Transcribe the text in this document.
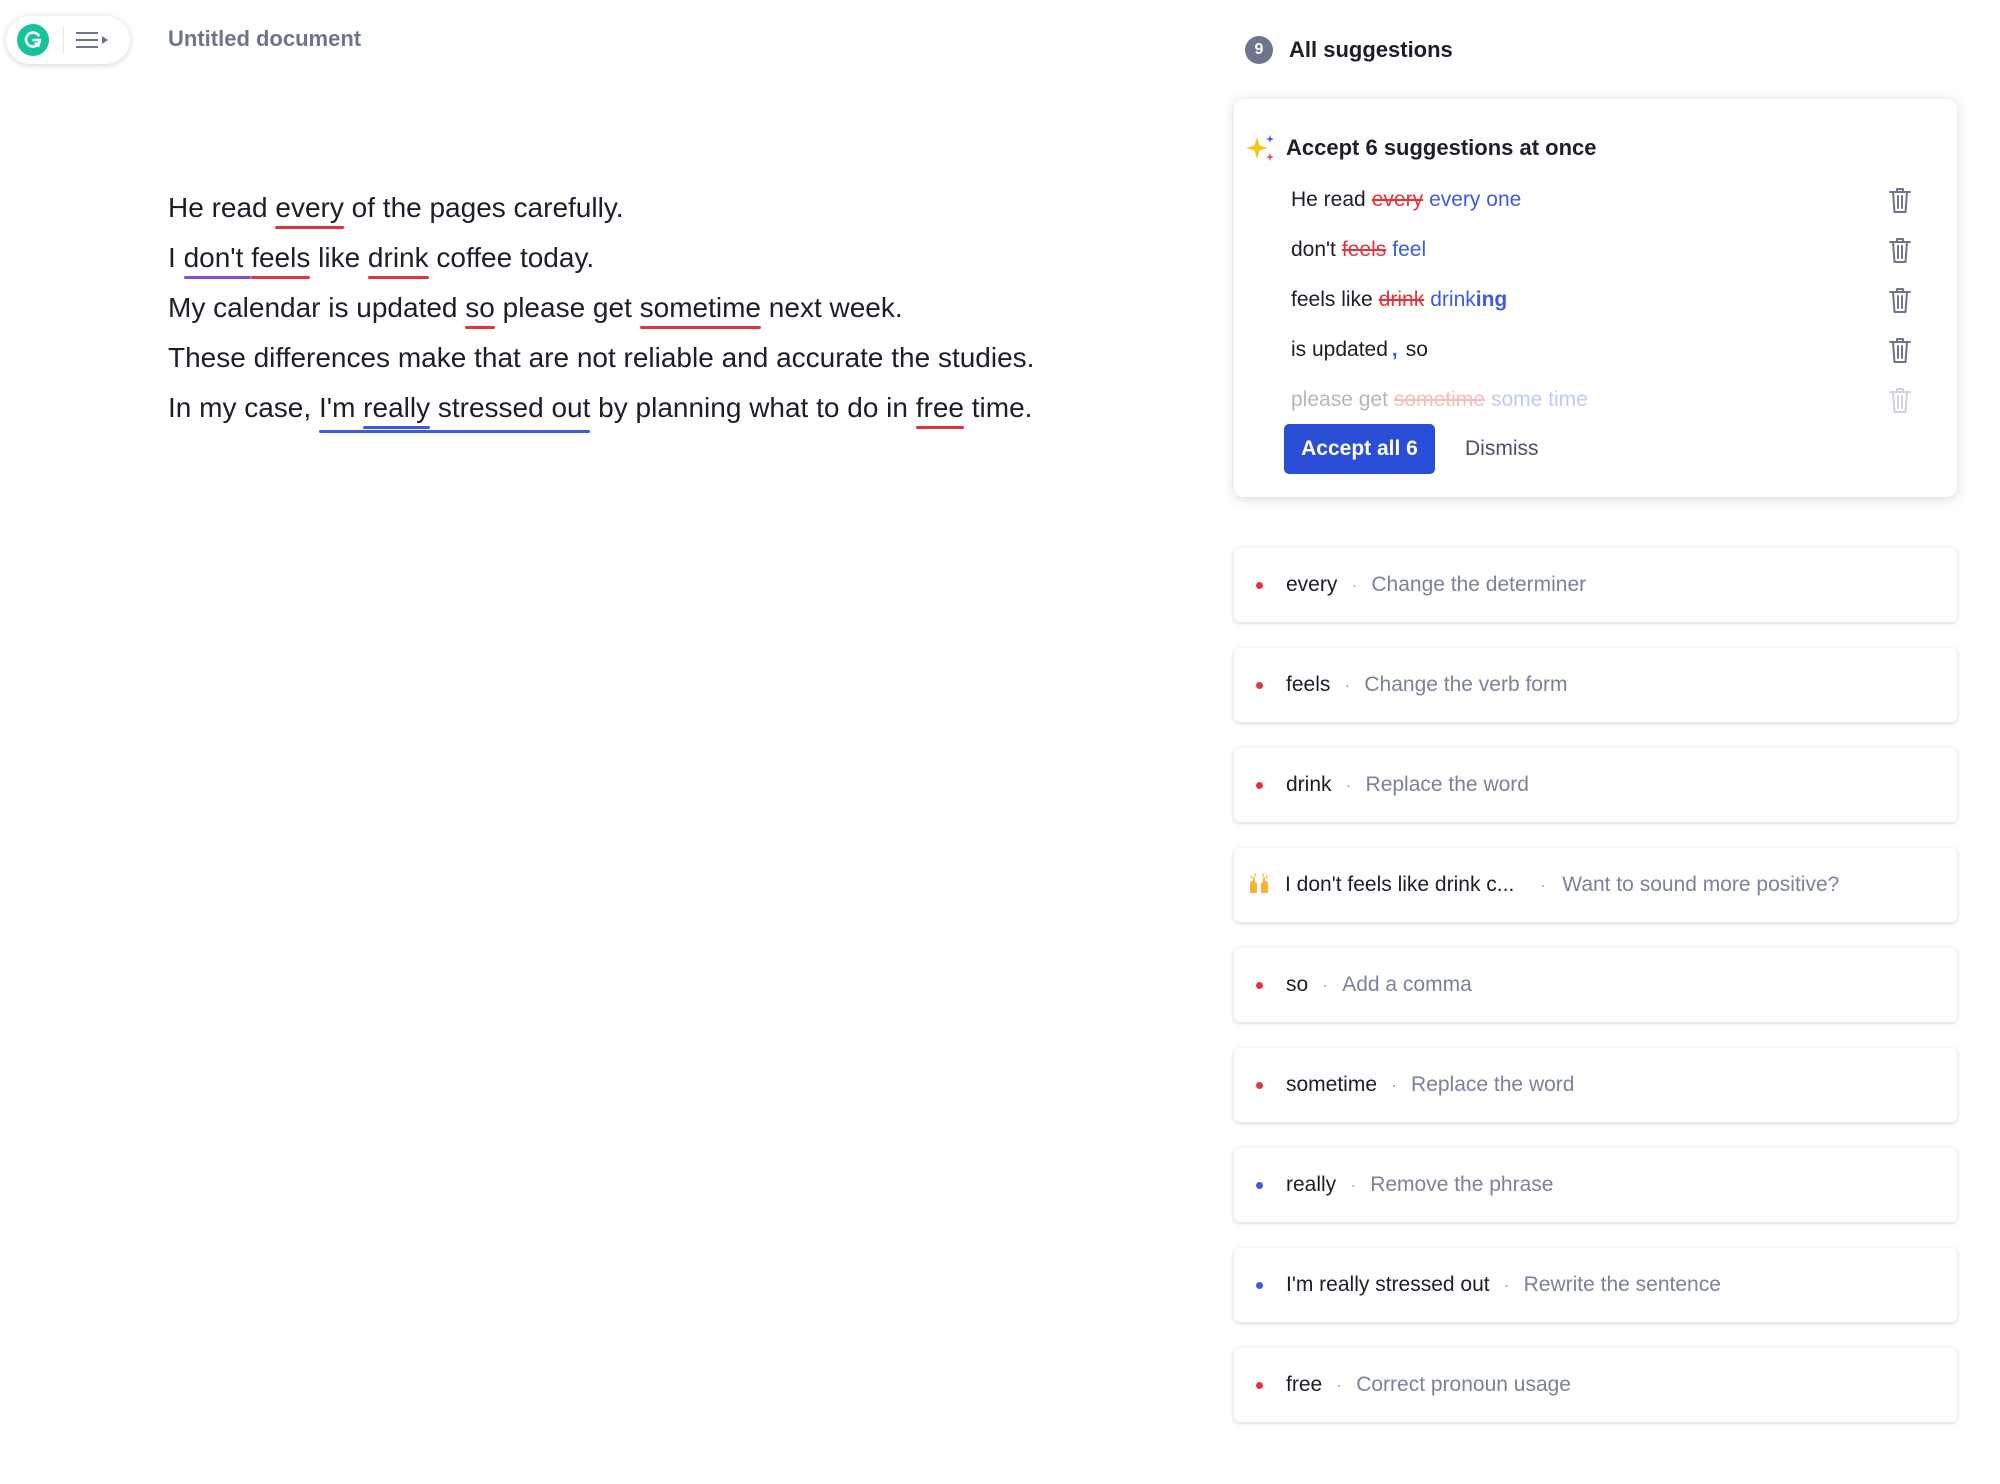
Untitled document
He read every of the pages carefully.
I don't feels like drink coffee today.
My calendar is updated so please get sometime next week.
These differences make that are not reliable and accurate the studies.
In my case, I'm really stressed out by planning what to do in free time.
9	All suggestions
Accept 6 suggestions at once
He read every every one
don't feels feel
feels like drink drinking
is updated , so
please get sometime some time
Accept all 6	Dismiss
every · Change the determiner
feels · Change the verb form
drink · Replace the word
I don't feels like drink c... · Want to sound more positive?
so · Add a comma
sometime · Replace the word
really · Remove the phrase
I'm really stressed out · Rewrite the sentence
free · Correct pronoun usage
